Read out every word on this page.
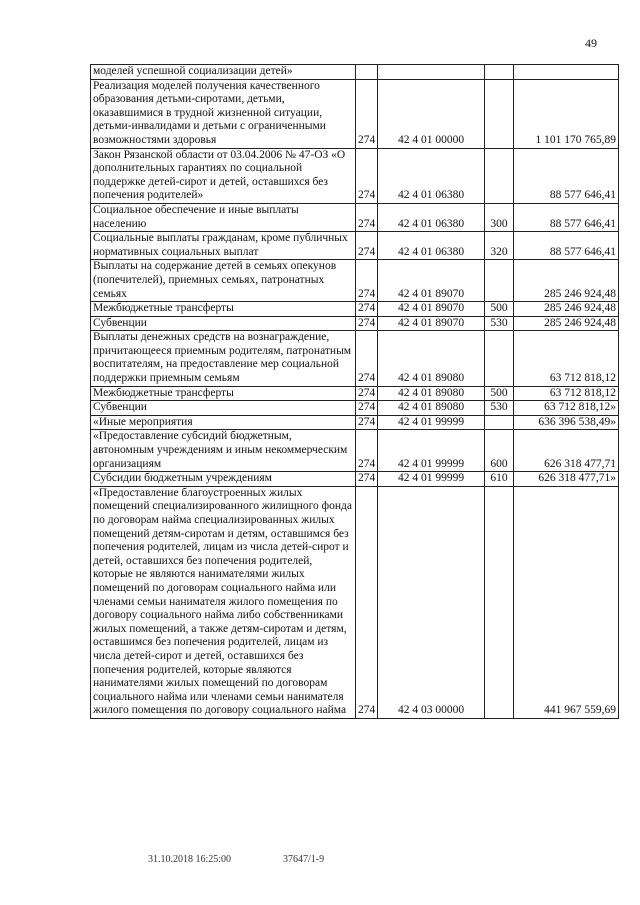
49
моделей успешной социализации детей»				
Реализация моделей получения качественного образования детьми-сиротами, детьми, оказавшимися в трудной жизненной ситуации, детьми-инвалидами и детьми с ограниченными возможностями здоровья	274	42 4 01 00000		1 101 170 765,89
Закон Рязанской области от 03.04.2006 № 47-ОЗ «О дополнительных гарантиях по социальной поддержке детей-сирот и детей, оставшихся без попечения родителей»	274	42 4 01 06380		88 577 646,41
Социальное обеспечение и иные выплаты населению	274	42 4 01 06380	300	88 577 646,41
Социальные выплаты гражданам, кроме публичных нормативных социальных выплат	274	42 4 01 06380	320	88 577 646,41
Выплаты на содержание детей в семьях опекунов (попечителей), приемных семьях, патронатных семьях	274	42 4 01 89070		285 246 924,48
Межбюджетные трансферты	274	42 4 01 89070	500	285 246 924,48
Субвенции	274	42 4 01 89070	530	285 246 924,48
Выплаты денежных средств на вознаграждение, причитающееся приемным родителям, патронатным воспитателям, на предоставление мер социальной поддержки приемным семьям	274	42 4 01 89080		63 712 818,12
Межбюджетные трансферты	274	42 4 01 89080	500	63 712 818,12
Субвенции	274	42 4 01 89080	530	63 712 818,12»
«Иные мероприятия	274	42 4 01 99999		636 396 538,49»
«Предоставление субсидий бюджетным, автономным учреждениям и иным некоммерческим организациям	274	42 4 01 99999	600	626 318 477,71
Субсидии бюджетным учреждениям	274	42 4 01 99999	610	626 318 477,71»
«Предоставление благоустроенных жилых помещений специализированного жилищного фонда по договорам найма специализированных жилых помещений детям-сиротам и детям, оставшимся без попечения родителей, лицам из числа детей-сирот и детей, оставшихся без попечения родителей, которые не являются нанимателями жилых помещений по договорам социального найма или членами семьи нанимателя жилого помещения по договору социального найма либо собственниками жилых помещений, а также детям-сиротам и детям, оставшимся без попечения родителей, лицам из числа детей-сирот и детей, оставшихся без попечения родителей, которые являются нанимателями жилых помещений по договорам социального найма или членами семьи нанимателя жилого помещения по договору социального найма	274	42 4 03 00000		441 967 559,69
31.10.2018 16:25:00	37647/1-9
